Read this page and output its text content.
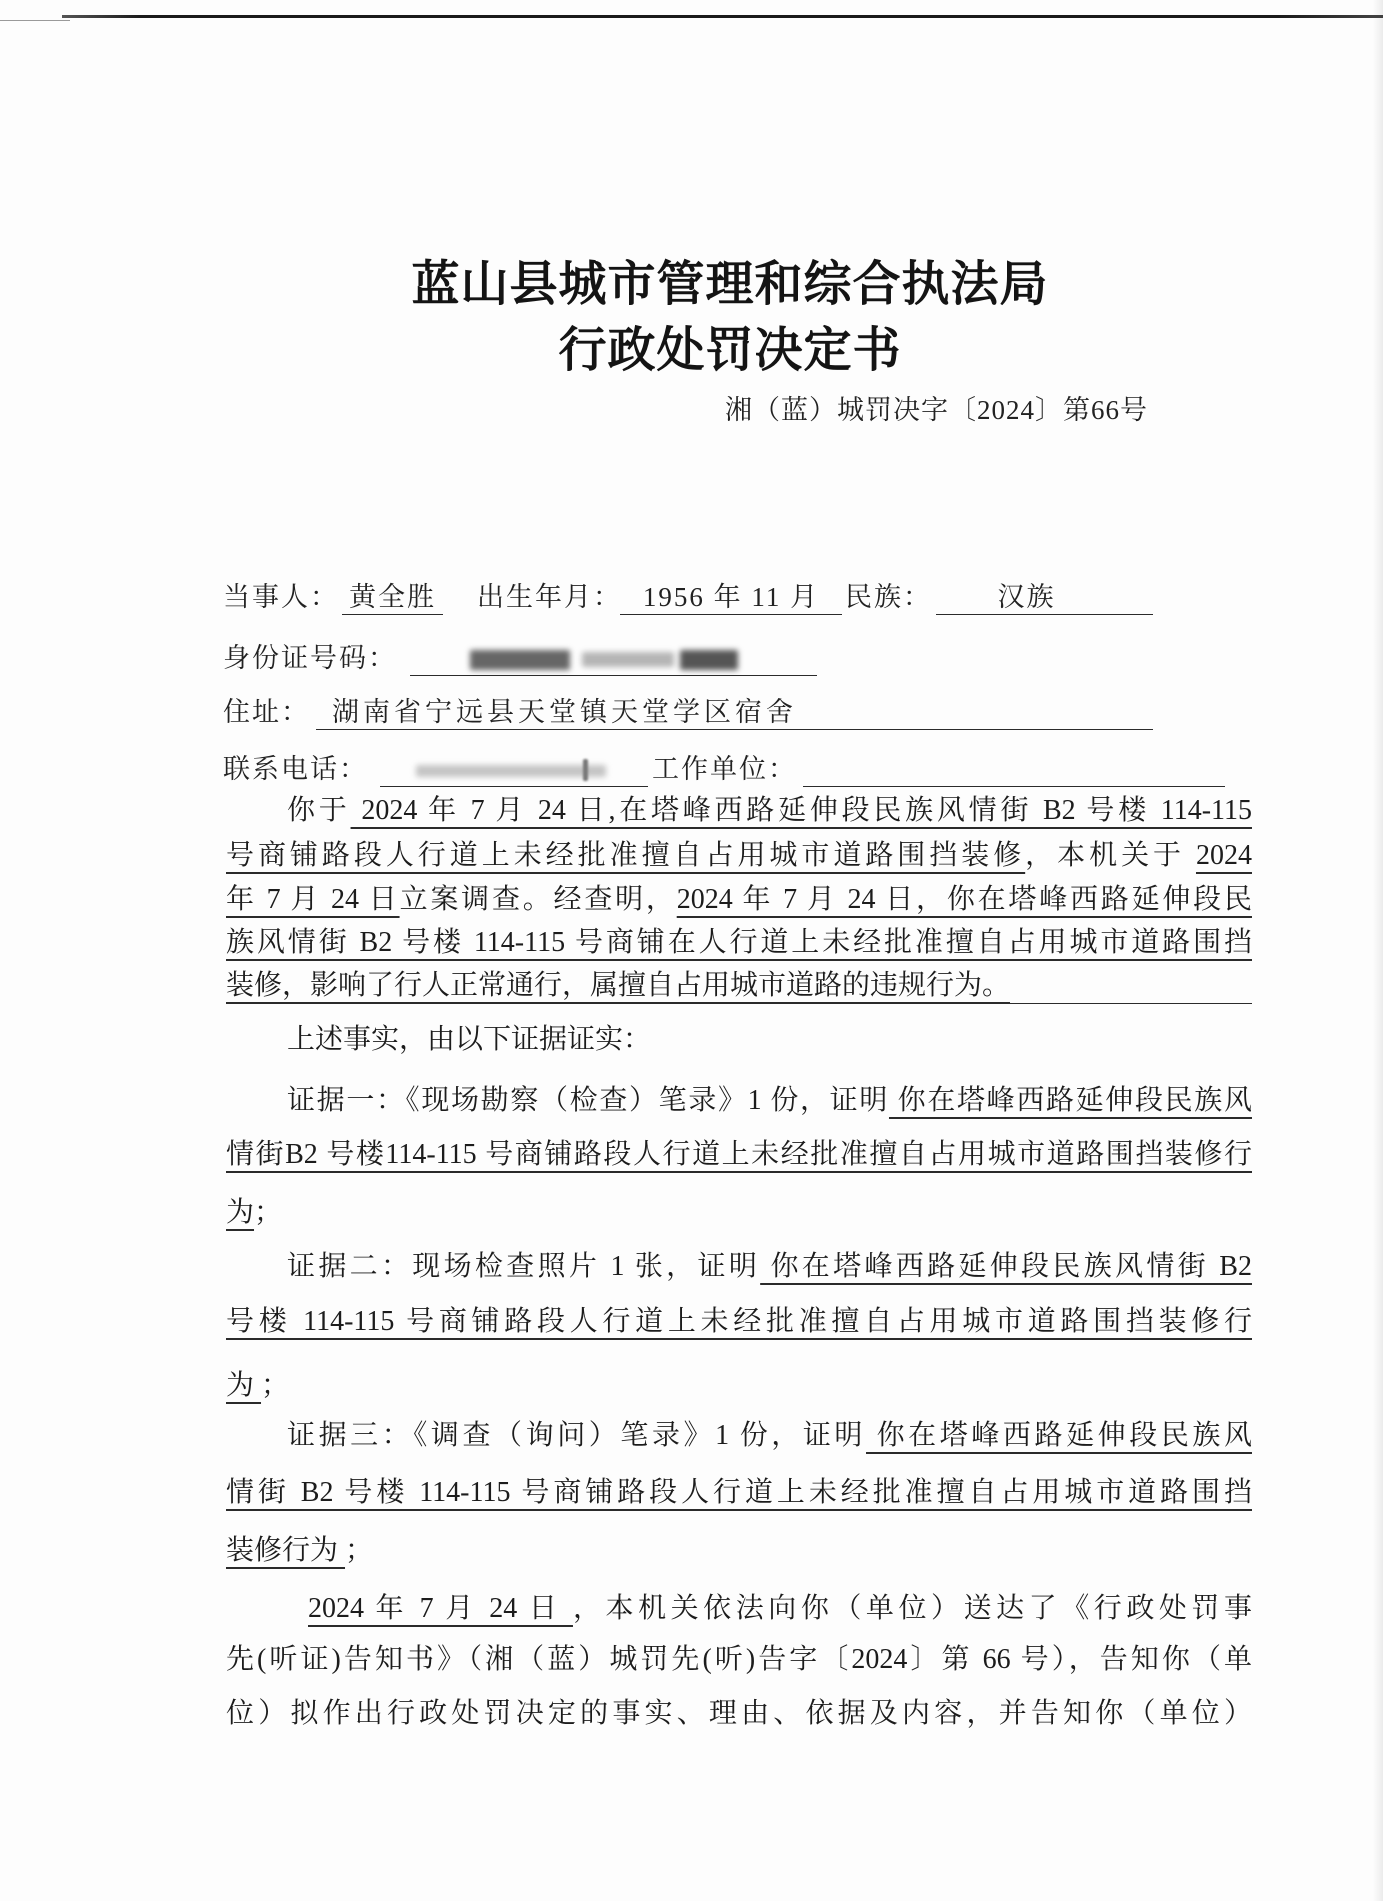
蓝山县城市管理和综合执法局
行政处罚决定书
湘（蓝）城罚决字〔2024〕第66号
当事人： 黄全胜 出生年月： 1956 年 11 月 民族：	汉族
身份证号码：
住址： 湖南省宁远县天堂镇天堂学区宿舍
联系电话：	工作单位：
你于 2024 年 7 月 24 日,在塔峰西路延伸段民族风情街 B2 号楼 114-115
号商铺路段人行道上未经批准擅自占用城市道路围挡装修，本机关于 2024
年 7 月 24 日立案调查。经查明，2024 年 7 月 24 日，你在塔峰西路延伸段民
族风情街 B2 号楼 114-115 号商铺在人行道上未经批准擅自占用城市道路围挡
装修，影响了行人正常通行，属擅自占用城市道路的违规行为。
上述事实，由以下证据证实：
证据一：《现场勘察（检查）笔录》1 份，证明 你在塔峰西路延伸段民族风
情街B2 号楼114-115 号商铺路段人行道上未经批准擅自占用城市道路围挡装修行
为；
证据二：现场检查照片 1 张，证明 你在塔峰西路延伸段民族风情街 B2
号楼 114-115 号商铺路段人行道上未经批准擅自占用城市道路围挡装修行
为 ；
证据三：《调查（询问）笔录》1 份，证明 你在塔峰西路延伸段民族风
情街 B2 号楼 114-115 号商铺路段人行道上未经批准擅自占用城市道路围挡
装修行为 ；
2024 年 7 月 24 日 ，本机关依法向你（单位）送达了《行政处罚事
先(听证)告知书》（湘（蓝）城罚先(听)告字〔2024〕第 66 号），告知你（单
位）拟作出行政处罚决定的事实、理由、依据及内容，并告知你（单位）
